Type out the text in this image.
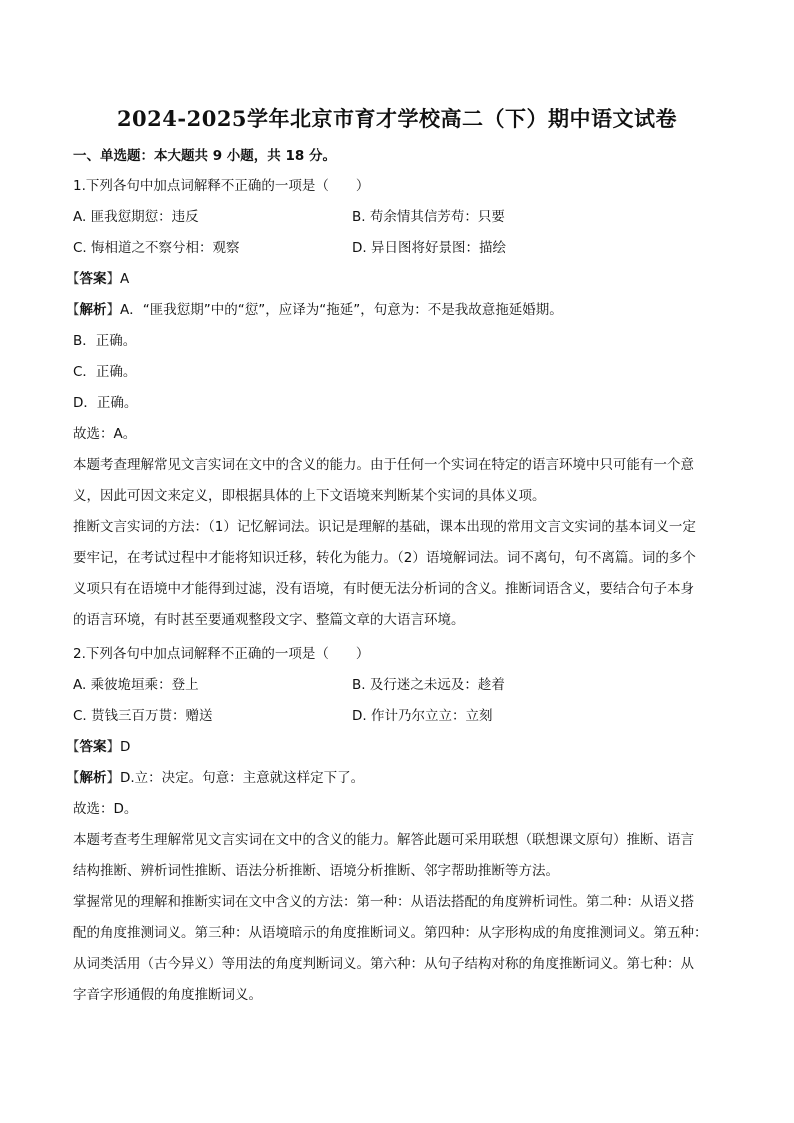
2024-2025学年北京市育才学校高二（下）期中语文试卷
一、单选题：本大题共 9 小题，共 18 分。
1.下列各句中加点词解释不正确的一项是（　　）
A. 匪我愆期愆：违反	B. 苟余情其信芳苟：只要
C. 悔相道之不察兮相：观察	D. 异日图将好景图：描绘
【答案】A
【解析】A．“匪我愆期”中的“愆”，应译为“拖延”，句意为：不是我故意拖延婚期。
B．正确。
C．正确。
D．正确。
故选：A。
本题考查理解常见文言实词在文中的含义的能力。由于任何一个实词在特定的语言环境中只可能有一个意
义，因此可因文来定义，即根据具体的上下文语境来判断某个实词的具体义项。
推断文言实词的方法：（1）记忆解词法。识记是理解的基础，课本出现的常用文言文实词的基本词义一定
要牢记，在考试过程中才能将知识迁移，转化为能力。（2）语境解词法。词不离句，句不离篇。词的多个
义项只有在语境中才能得到过滤，没有语境，有时便无法分析词的含义。推断词语含义，要结合句子本身
的语言环境，有时甚至要通观整段文字、整篇文章的大语言环境。
2.下列各句中加点词解释不正确的一项是（　　）
A. 乘彼垝垣乘：登上	B. 及行迷之未远及：趁着
C. 贳钱三百万贳：赠送	D. 作计乃尔立立：立刻
【答案】D
【解析】D.立：决定。句意：主意就这样定下了。
故选：D。
本题考查考生理解常见文言实词在文中的含义的能力。解答此题可采用联想（联想课文原句）推断、语言
结构推断、辨析词性推断、语法分析推断、语境分析推断、邻字帮助推断等方法。
掌握常见的理解和推断实词在文中含义的方法：第一种：从语法搭配的角度辨析词性。第二种：从语义搭
配的角度推测词义。第三种：从语境暗示的角度推断词义。第四种：从字形构成的角度推测词义。第五种：
从词类活用（古今异义）等用法的角度判断词义。第六种：从句子结构对称的角度推断词义。第七种：从
字音字形通假的角度推断词义。
